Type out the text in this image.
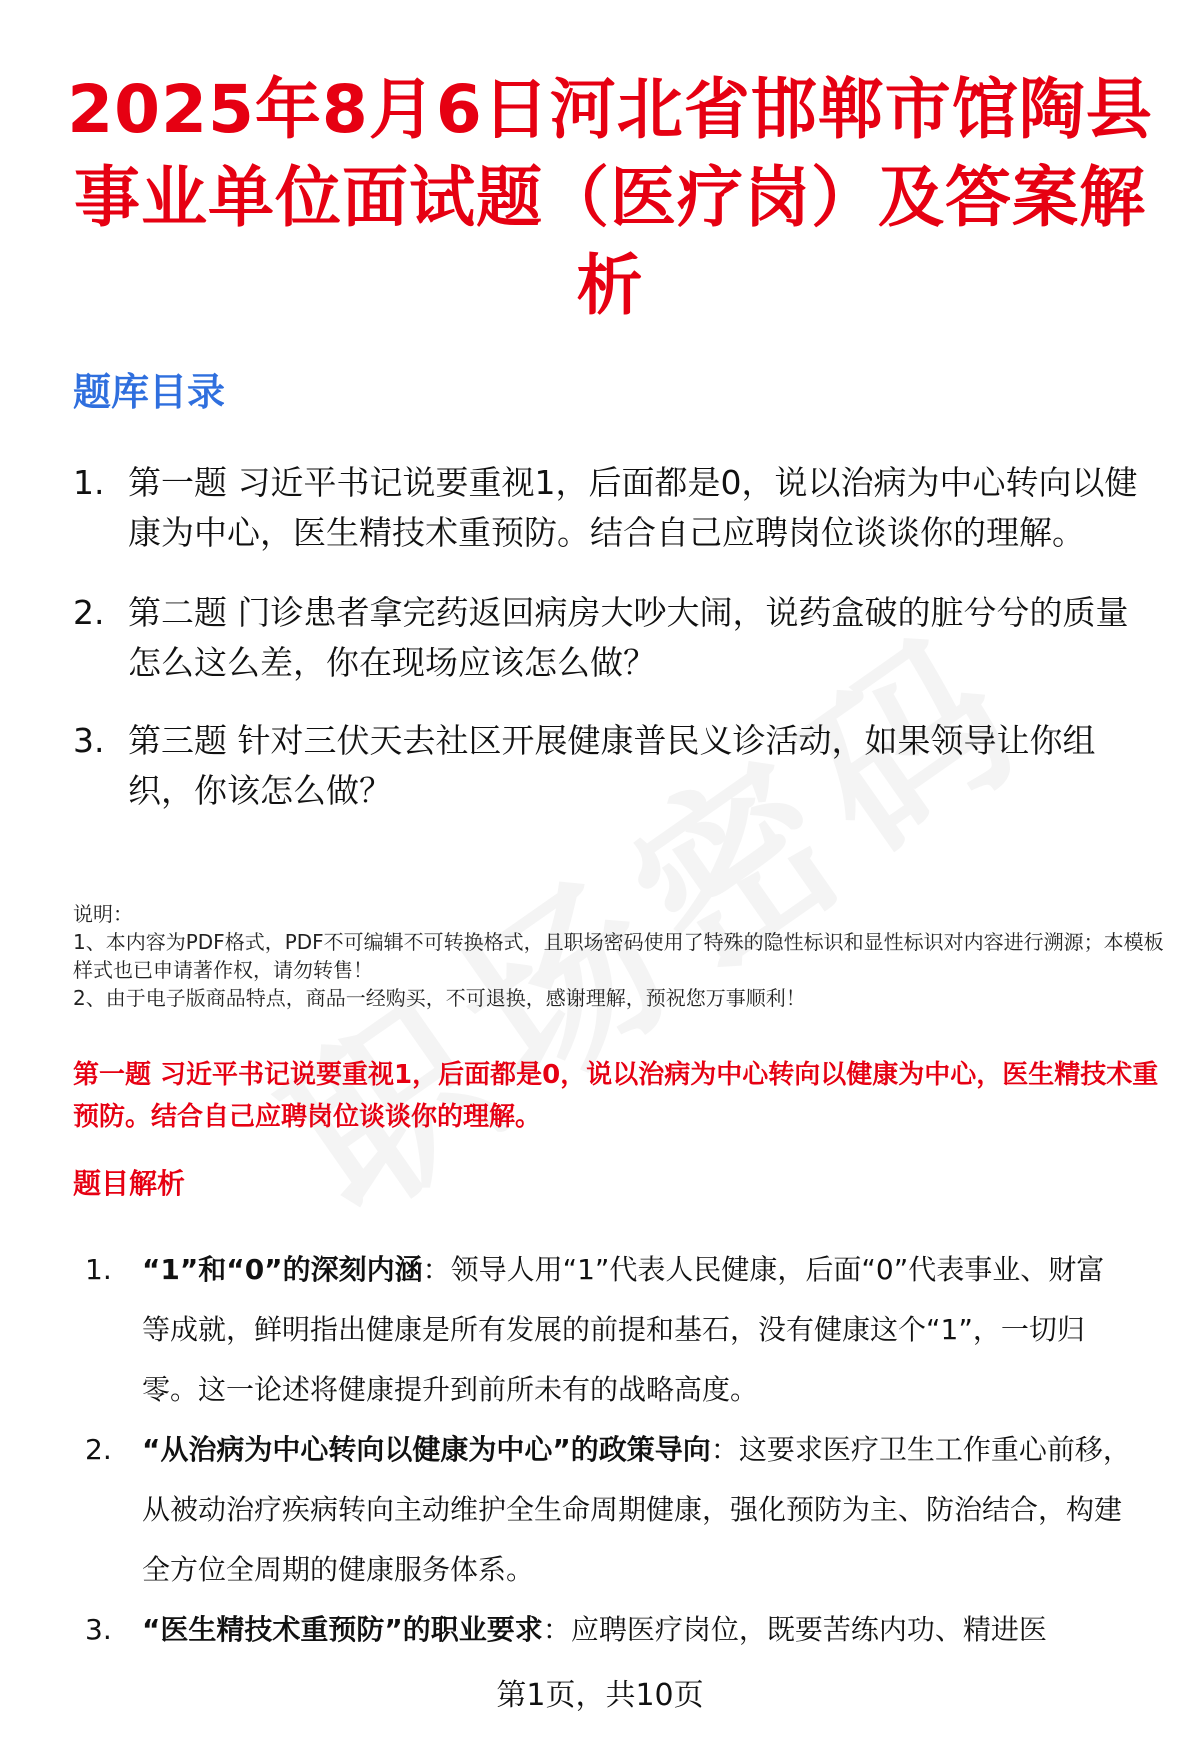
2025年8月6日河北省邯郸市馆陶县事业单位面试题（医疗岗）及答案解析
题库目录
1. 第一题 习近平书记说要重视1，后面都是0，说以治病为中心转向以健康为中心，医生精技术重预防。结合自己应聘岗位谈谈你的理解。
2. 第二题 门诊患者拿完药返回病房大吵大闹，说药盒破的脏兮兮的质量怎么这么差，你在现场应该怎么做？
3. 第三题 针对三伏天去社区开展健康普民义诊活动，如果领导让你组织，你该怎么做？
说明：
1、本内容为PDF格式，PDF不可编辑不可转换格式，且职场密码使用了特殊的隐性标识和显性标识对内容进行溯源；本模板样式也已申请著作权，请勿转售！
2、由于电子版商品特点，商品一经购买，不可退换，感谢理解，预祝您万事顺利！
第一题 习近平书记说要重视1，后面都是0，说以治病为中心转向以健康为中心，医生精技术重预防。结合自己应聘岗位谈谈你的理解。
题目解析
1. “1”和“0”的深刻内涵：领导人用“1”代表人民健康，后面“0”代表事业、财富等成就，鲜明指出健康是所有发展的前提和基石，没有健康这个“1”，一切归零。这一论述将健康提升到前所未有的战略高度。
2. “从治病为中心转向以健康为中心”的政策导向：这要求医疗卫生工作重心前移，从被动治疗疾病转向主动维护全生命周期健康，强化预防为主、防治结合，构建全方位全周期的健康服务体系。
3. “医生精技术重预防”的职业要求：应聘医疗岗位，既要苦练内功、精进医
第1页，共10页
